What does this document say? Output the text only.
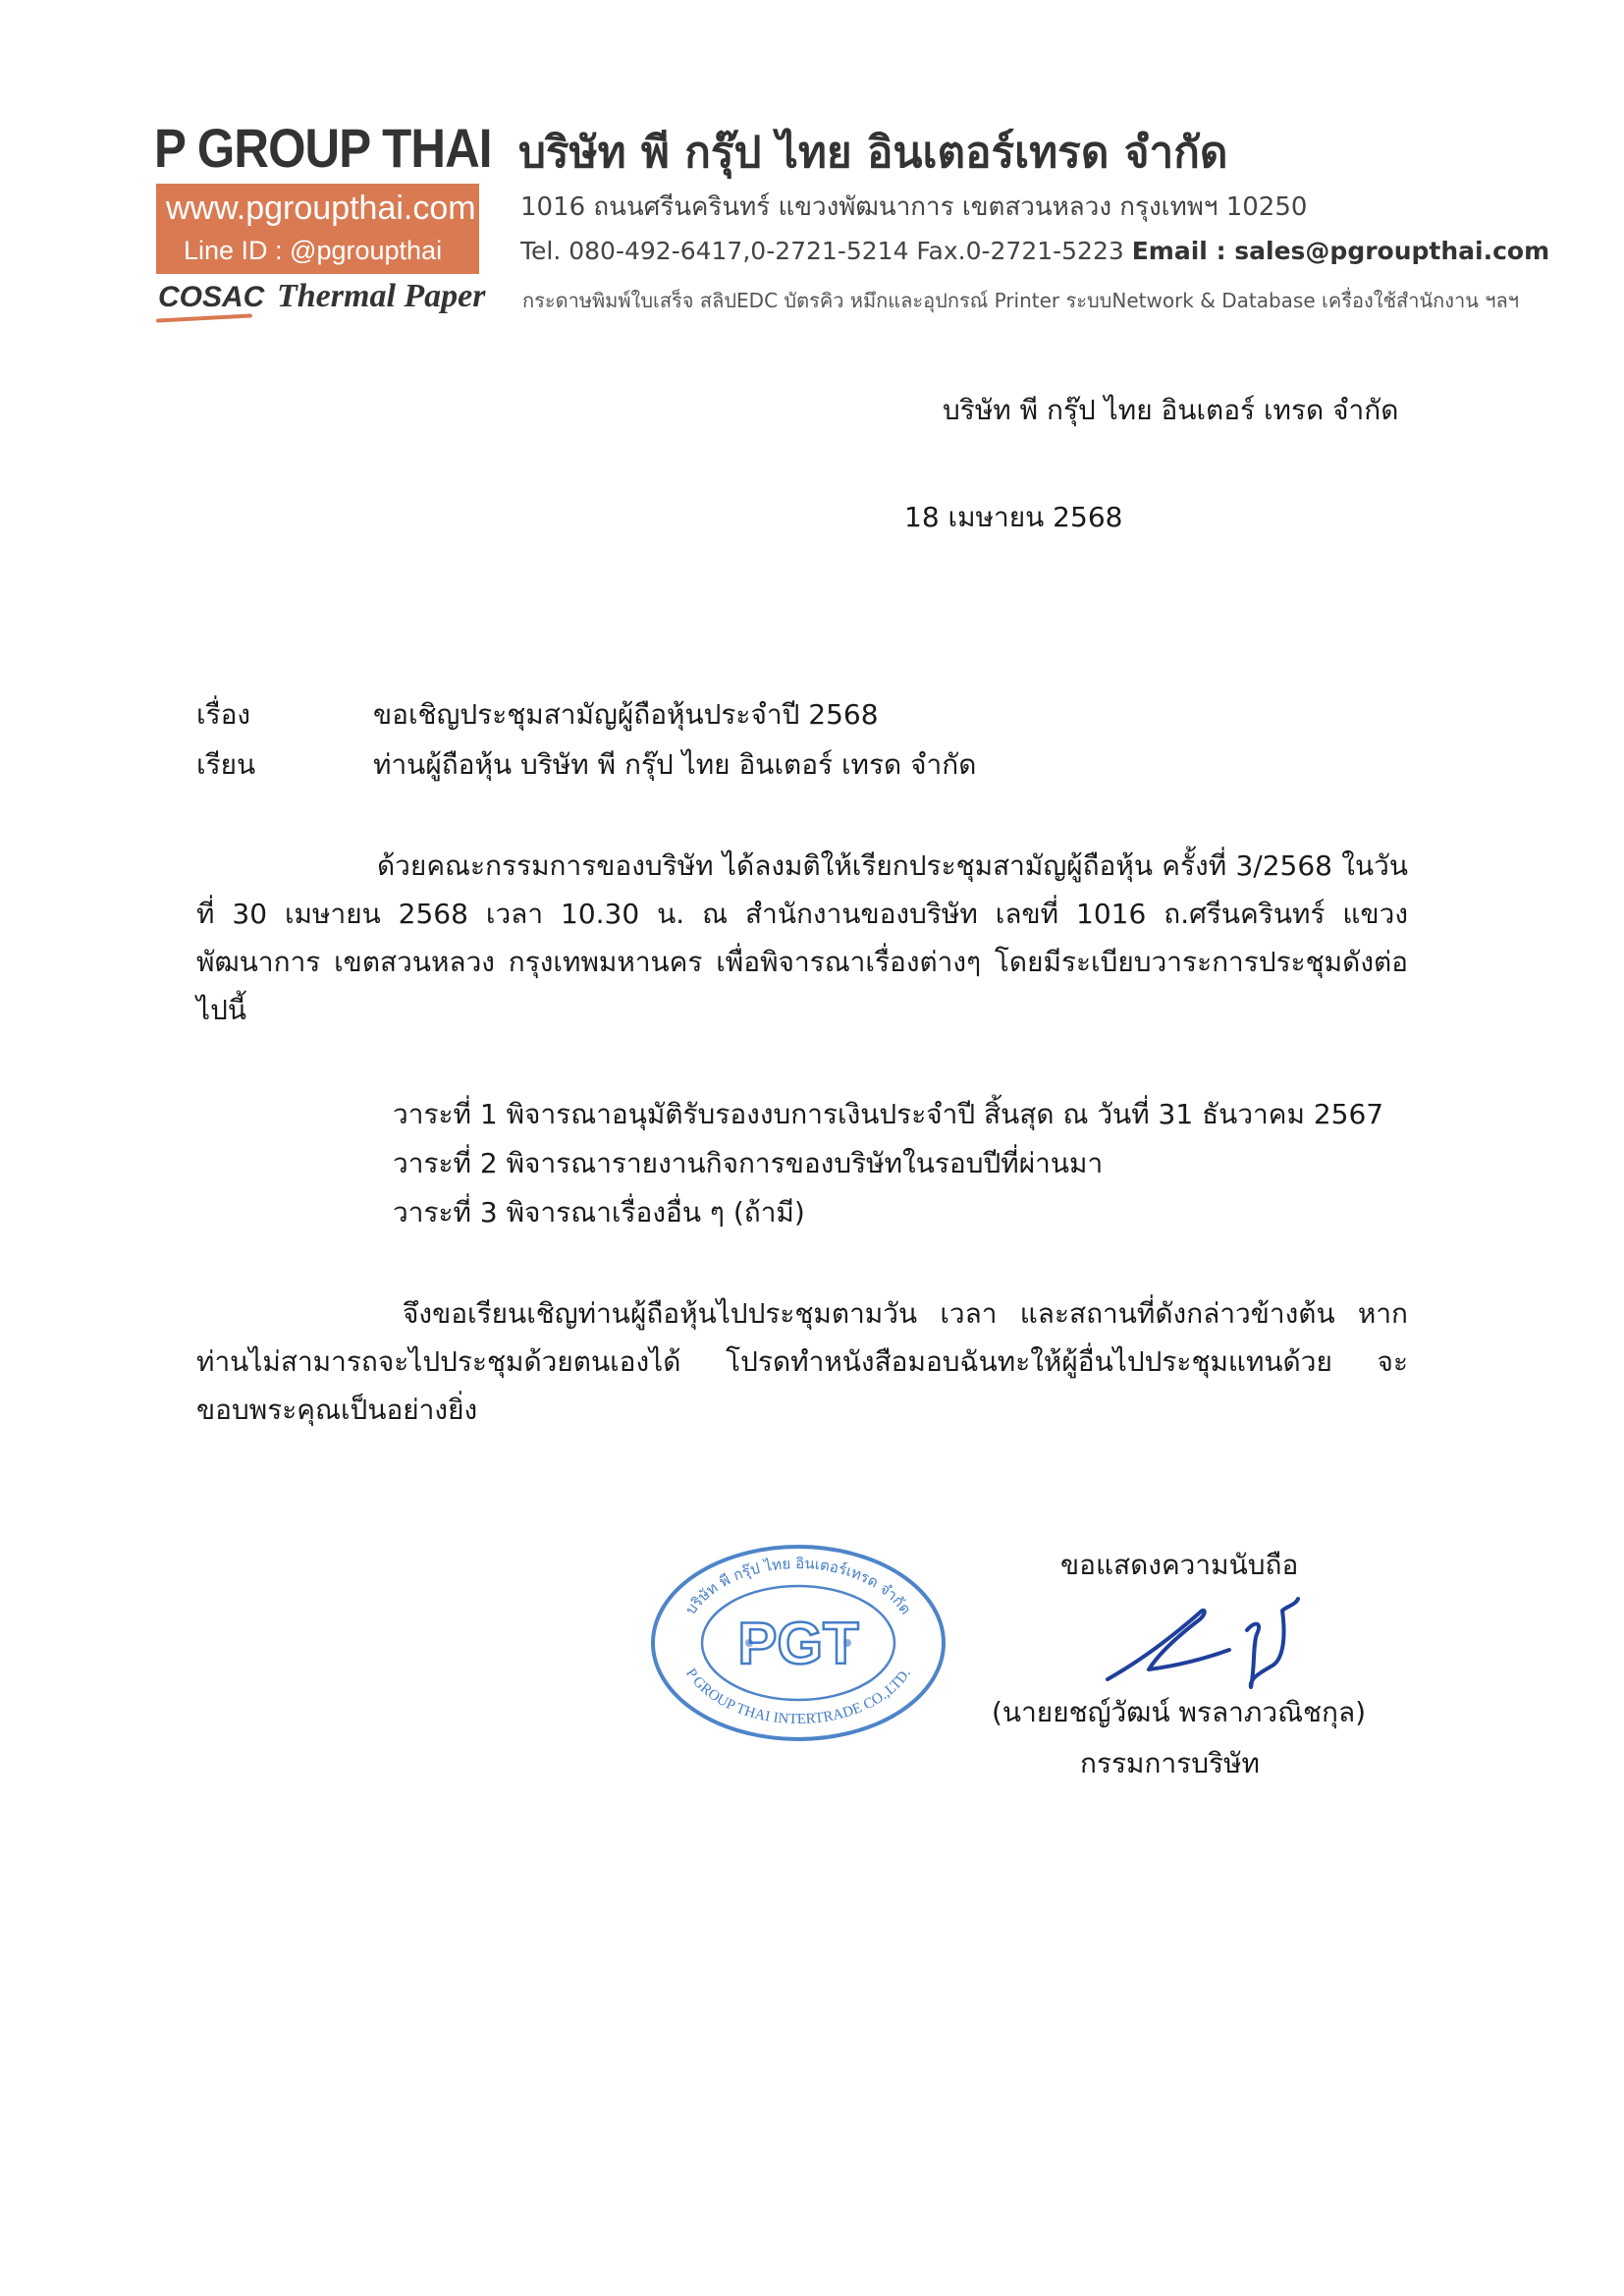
P GROUP THAI
www.pgroupthai.com
Line ID : @pgroupthai
COSAC Thermal Paper
บริษัท พี กรุ๊ป ไทย อินเตอร์เทรด จำกัด
1016 ถนนศรีนครินทร์ แขวงพัฒนาการ เขตสวนหลวง กรุงเทพฯ 10250
Tel. 080-492-6417,0-2721-5214 Fax.0-2721-5223 Email : sales@pgroupthai.com
กระดาษพิมพ์ใบเสร็จ สลิปEDC บัตรคิว หมึกและอุปกรณ์ Printer ระบบNetwork & Database เครื่องใช้สำนักงาน ฯลฯ
บริษัท พี กรุ๊ป ไทย อินเตอร์ เทรด จำกัด
18 เมษายน 2568
เรื่อง	ขอเชิญประชุมสามัญผู้ถือหุ้นประจำปี 2568
เรียน	ท่านผู้ถือหุ้น บริษัท พี กรุ๊ป ไทย อินเตอร์ เทรด จำกัด
ด้วยคณะกรรมการของบริษัท ได้ลงมติให้เรียกประชุมสามัญผู้ถือหุ้น ครั้งที่ 3/2568 ในวันที่ 30 เมษายน 2568 เวลา 10.30 น. ณ สำนักงานของบริษัท เลขที่ 1016 ถ.ศรีนครินทร์ แขวงพัฒนาการ เขตสวนหลวง กรุงเทพมหานคร เพื่อพิจารณาเรื่องต่างๆ โดยมีระเบียบวาระการประชุมดังต่อไปนี้
วาระที่ 1 พิจารณาอนุมัติรับรองงบการเงินประจำปี สิ้นสุด ณ วันที่ 31 ธันวาคม 2567
วาระที่ 2 พิจารณารายงานกิจการของบริษัทในรอบปีที่ผ่านมา
วาระที่ 3 พิจารณาเรื่องอื่น ๆ (ถ้ามี)
จึงขอเรียนเชิญท่านผู้ถือหุ้นไปประชุมตามวัน เวลา และสถานที่ดังกล่าวข้างต้น หากท่านไม่สามารถจะไปประชุมด้วยตนเองได้ โปรดทำหนังสือมอบฉันทะให้ผู้อื่นไปประชุมแทนด้วย จะขอบพระคุณเป็นอย่างยิ่ง
ขอแสดงความนับถือ
PGT
บริษัท พี กรุ๊ป ไทย อินเตอร์เทรด จำกัด
P GROUP THAI INTERTRADE CO.,LTD.
(นายยชญ์วัฒน์ พรลาภวณิชกุล)
กรรมการบริษัท
